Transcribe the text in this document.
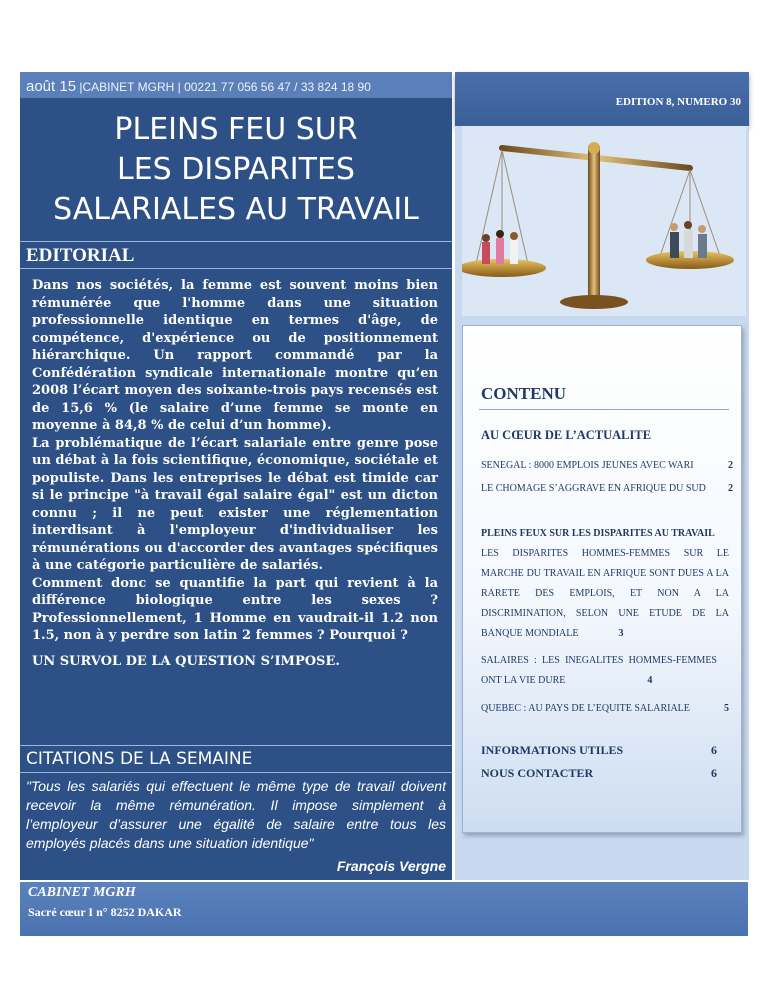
août 15 |CABINET MGRH | 00221 77 056 56 47 / 33 824 18 90
EDITION 8, NUMERO 30
PLEINS FEU SUR
LES DISPARITES
SALARIALES AU TRAVAIL
EDITORIAL

Dans nos sociétés, la femme est souvent moins bien rémunérée que l'homme dans une situation professionnelle identique en termes d'âge, de compétence, d'expérience ou de positionnement hiérarchique. Un rapport commandé par la Confédération syndicale internationale montre qu’en 2008 l’écart moyen des soixante-trois pays recensés est de 15,6 % (le salaire d’une femme se monte en moyenne à 84,8 % de celui d’un homme).

La problématique de l’écart salariale entre genre pose un débat à la fois scientifique, économique, sociétale et populiste. Dans les entreprises le débat est timide car si le principe "à travail égal salaire égal" est un dicton connu ; il ne peut exister une réglementation interdisant à l'employeur d'individualiser les rémunérations ou d'accorder des avantages spécifiques à une catégorie particulière de salariés.

Comment donc se quantifie la part qui revient à la différence biologique entre les sexes ? Professionnellement, 1 Homme en vaudrait-il 1.2 non 1.5, non à y perdre son latin 2 femmes ? Pourquoi ?

UN SURVOL DE LA QUESTION S’IMPOSE.

CITATIONS DE LA SEMAINE
"Tous les salariés qui effectuent le même type de travail doivent recevoir la même rémunération. Il impose simplement à l’employeur d’assurer une égalité de salaire entre tous les employés placés dans une situation identique"
François Vergne
CABINET MGRH
Sacré cœur I n° 8252 DAKAR
CONTENU
AU CŒUR DE L’ACTUALITE
SENEGAL : 8000 EMPLOIS JEUNES AVEC WARI	2
LE CHOMAGE S’AGGRAVE EN AFRIQUE DU SUD 2
PLEINS FEUX SUR LES DISPARITES AU TRAVAIL
LES DISPARITES HOMMES-FEMMES SUR LE MARCHE DU TRAVAIL EN AFRIQUE SONT DUES A LA RARETE DES EMPLOIS, ET NON A LA DISCRIMINATION, SELON UNE ETUDE DE LA BANQUE MONDIALE	3
SALAIRES : LES INEGALITES HOMMES-FEMMES ONT LA VIE DURE	4
QUEBEC : AU PAYS DE L’EQUITE SALARIALE	5
INFORMATIONS UTILES	6
NOUS CONTACTER	6
